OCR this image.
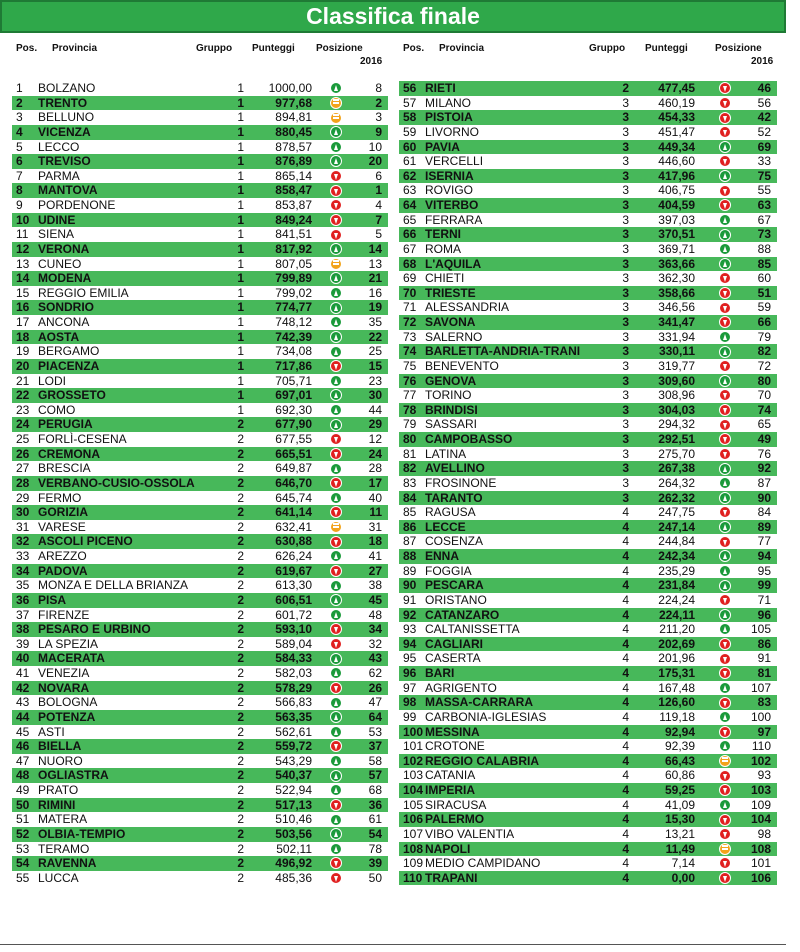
Classifica finale
Pos. Provincia	Gruppo Punteggi Posizione
2016
1 BOLZANO	1	1000,00	8
2 TRENTO	1	977,68	2
3 BELLUNO	1	894,81	3
4 VICENZA	1	880,45	9
5 LECCO	1	878,57	10
6 TREVISO	1	876,89	20
7 PARMA	1	865,14	6
8 MANTOVA	1	858,47	1
9 PORDENONE	1	853,87	4
10 UDINE	1	849,24	7
11 SIENA	1	841,51	5
12 VERONA	1	817,92	14
13 CUNEO	1	807,05	13
14 MODENA	1	799,89	21
15 REGGIO EMILIA	1	799,02	16
16 SONDRIO	1	774,77	19
17 ANCONA	1	748,12	35
18 AOSTA	1	742,39	22
19 BERGAMO	1	734,08	25
20 PIACENZA	1	717,86	15
21 LODI	1	705,71	23
22 GROSSETO	1	697,01	30
23 COMO	1	692,30	44
24 PERUGIA	2	677,90	29
25 FORLÌ-CESENA	2	677,55	12
26 CREMONA	2	665,51	24
27 BRESCIA	2	649,87	28
28 VERBANO-CUSIO-OSSOLA	2	646,70	17
29 FERMO	2	645,74	40
30 GORIZIA	2	641,14	11
31 VARESE	2	632,41	31
32 ASCOLI PICENO	2	630,88	18
33 AREZZO	2	626,24	41
34 PADOVA	2	619,67	27
35 MONZA E DELLA BRIANZA	2	613,30	38
36 PISA	2	606,51	45
37 FIRENZE	2	601,72	48
38 PESARO E URBINO	2	593,10	34
39 LA SPEZIA	2	589,04	32
40 MACERATA	2	584,33	43
41 VENEZIA	2	582,03	62
42 NOVARA	2	578,29	26
43 BOLOGNA	2	566,83	47
44 POTENZA	2	563,35	64
45 ASTI	2	562,61	53
46 BIELLA	2	559,72	37
47 NUORO	2	543,29	58
48 OGLIASTRA	2	540,37	57
49 PRATO	2	522,94	68
50 RIMINI	2	517,13	36
51 MATERA	2	510,46	61
52 OLBIA-TEMPIO	2	503,56	54
53 TERAMO	2	502,11	78
54 RAVENNA	2	496,92	39
55 LUCCA	2	485,36	50
Pos. Provincia	Gruppo Punteggi	Posizione
2016
56 RIETI	2	477,45	46
57 MILANO	3	460,19	56
58 PISTOIA	3	454,33	42
59 LIVORNO	3	451,47	52
60 PAVIA	3	449,34	69
61 VERCELLI	3	446,60	33
62 ISERNIA	3	417,96	75
63 ROVIGO	3	406,75	55
64 VITERBO	3	404,59	63
65 FERRARA	3	397,03	67
66 TERNI	3	370,51	73
67 ROMA	3	369,71	88
68 L'AQUILA	3	363,66	85
69 CHIETI	3	362,30	60
70 TRIESTE	3	358,66	51
71 ALESSANDRIA	3	346,56	59
72 SAVONA	3	341,47	66
73 SALERNO	3	331,94	79
74 BARLETTA-ANDRIA-TRANI	3	330,11	82
75 BENEVENTO	3	319,77	72
76 GENOVA	3	309,60	80
77 TORINO	3	308,96	70
78 BRINDISI	3	304,03	74
79 SASSARI	3	294,32	65
80 CAMPOBASSO	3	292,51	49
81 LATINA	3	275,70	76
82 AVELLINO	3	267,38	92
83 FROSINONE	3	264,32	87
84 TARANTO	3	262,32	90
85 RAGUSA	4	247,75	84
86 LECCE	4	247,14	89
87 COSENZA	4	244,84	77
88 ENNA	4	242,34	94
89 FOGGIA	4	235,29	95
90 PESCARA	4	231,84	99
91 ORISTANO	4	224,24	71
92 CATANZARO	4	224,11	96
93 CALTANISSETTA	4	211,20	105
94 CAGLIARI	4	202,69	86
95 CASERTA	4	201,96	91
96 BARI	4	175,31	81
97 AGRIGENTO	4	167,48	107
98 MASSA-CARRARA	4	126,60	83
99 CARBONIA-IGLESIAS	4	119,18	100
100 MESSINA	4	92,94	97
101 CROTONE	4	92,39	110
102 REGGIO CALABRIA	4	66,43	102
103 CATANIA	4	60,86	93
104 IMPERIA	4	59,25	103
105 SIRACUSA	4	41,09	109
106 PALERMO	4	15,30	104
107 VIBO VALENTIA	4	13,21	98
108 NAPOLI	4	11,49	108
109 MEDIO CAMPIDANO	4	7,14	101
110 TRAPANI	4	0,00	106
